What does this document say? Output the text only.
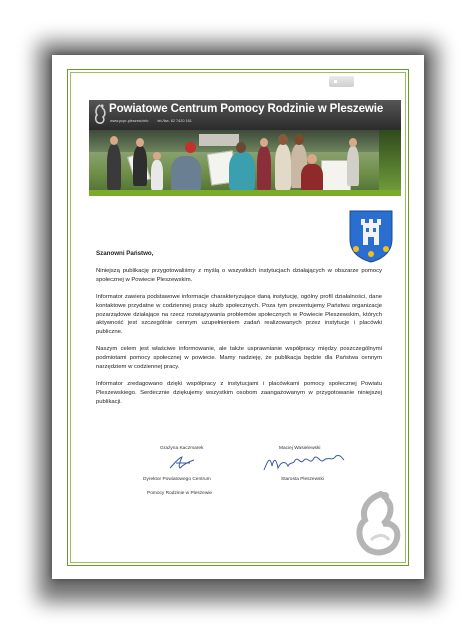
Powiatowe Centrum Pomocy Rodzinie w Pleszewie
www.pcpr-pleszew.info tel./fax. 62 7420 161

Szanowni Państwo,

Niniejszą publikację przygotowaliśmy z myślą o wszystkich instytucjach działających w obszarze pomocy społecznej w Powiecie Pleszewskim.

Informator zawiera podstawowe informacje charakteryzujące daną instytucję, ogólny profil działalności, dane kontaktowe przydatne w codziennej pracy służb społecznych. Poza tym prezentujemy Państwu organizacje pozarządowe działające na rzecz rozwiązywania problemów społecznych w Powiecie Pleszewskim, których aktywność jest szczególnie cennym uzupełnieniem zadań realizowanych przez instytucje i placówki publiczne.

Naszym celem jest właściwe informowanie, ale także usprawnianie współpracy między poszczególnymi podmiotami pomocy społecznej w powiecie. Mamy nadzieję, że publikacja będzie dla Państwa cennym narzędziem w codziennej pracy.

Informator zredagowano dzięki współpracy z instytucjami i placówkami pomocy społecznej Powiatu Pleszewskiego. Serdecznie dziękujemy wszystkim osobom zaangażowanym w przygotowanie niniejszej publikacji.

Grażyna Kaczmarek	Maciej Wasielewski
Dyrektor Powiatowego Centrum
Pomocy Rodzinie w Pleszewie
Starosta Pleszewski
